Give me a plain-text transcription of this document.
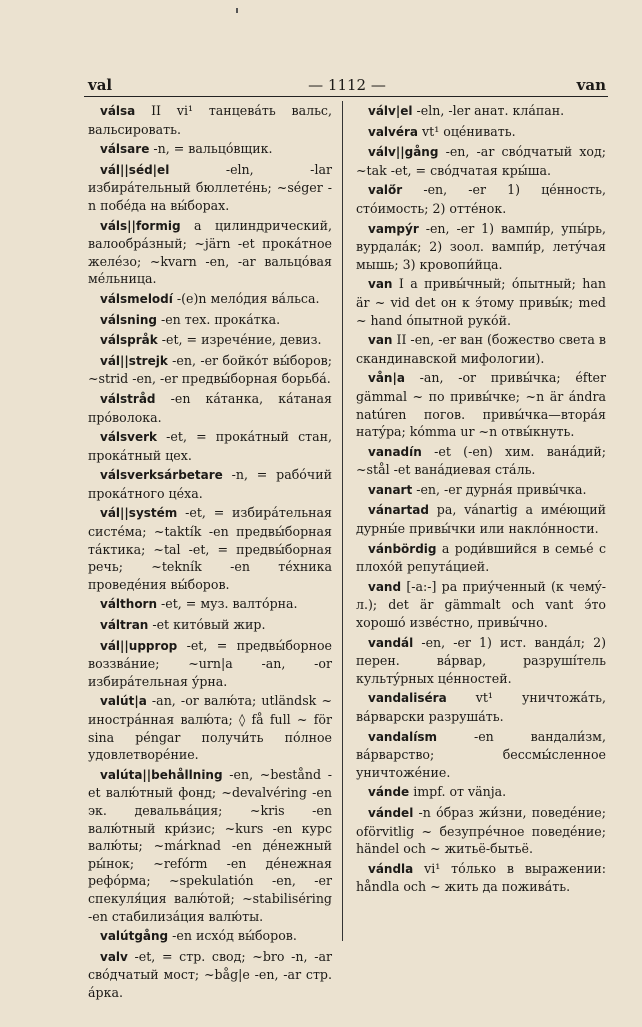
val	— 1112 —	van
válsa II vi¹ танцевáть вальс, вальсировать.
válsare -n, = вальцóвщик.
vál||séd|el -eln, -lar избирáтельный бюллетéнь; ~séger -n побéда на вы́борах.
váls||formig a цилиндрический, валообрáзный; ~järn -et прокáтное желéзо; ~kvarn -en, -ar вальцóвая мéльница.
válsmelodí -(e)n мелóдия вáльса.
válsning -en тех. прокáтка.
válspråk -et, = изречéние, девиз.
vál||strejk -en, -er бойкóт вы́боров; ~strid -en, -er предвы́борная борьбá.
válstråd -en кáтанка, кáтаная прóволока.
válsverk -et, = прокáтный стан, прокáтный цех.
válsverksárbetare -n, = рабóчий прокáтного цéха.
vál||systém -et, = избирáтельная систéма; ~taktík -en предвы́борная тáктика; ~tal -et, = предвы́борная речь; ~tekník -en тéхника проведéния вы́боров.
válthorn -et, = муз. валтóрна.
váltran -et китóвый жир.
vál||upprop -et, = предвы́борное воззвáние; ~urn|a -an, -or избирáтельная у́рна.
valút|a -an, -or валю́та; utländsk ~ инострáнная валю́та; ◊ få full ~ för sina péngar получи́ть пóлное удовлетворéние.
valúta||behållning -en, ~bestånd -et валю́тный фонд; ~devalvéring -en эк. девальвáция; ~kris -en валю́тный кри́зис; ~kurs -en курс валю́ты; ~márknad -en дéнежный ры́нок; ~refórm -en дéнежная рефóрма; ~spekulatión -en, -er спекуля́ция валю́той; ~stabiliséring -en стабилизáция валю́ты.
valútgång -en исхóд вы́боров.
valv -et, = стр. свод; ~bro -n, -ar свóдчатый мост; ~båg|e -en, -ar стр. áрка.
válv|el -eln, -ler анат. клáпан.
valvéra vt¹ оцéнивать.
válv||gång -en, -ar свóдчатый ход; ~tak -et, = свóдчатая кры́ша.
valö́r -en, -er 1) цéнность, стóимость; 2) оттéнок.
vampýr -en, -er 1) вампи́р, упы́рь, вурдалáк; 2) зоол. вампи́р, летýчая мышь; 3) кровопи́йца.
van I a привы́чный; óпытный; han är ~ vid det он к э́тому привы́к; med ~ hand óпытной рукóй.
van II -en, -er ван (божество света в скандинавской мифологии).
vån|a -an, -or привы́чка; éfter gämmal ~ по привы́чке; ~n är ándra natúren погов. привы́чка—вторáя натýра; kómma ur ~n отвы́кнуть.
vanadín -et (-en) хим. ванáдий; ~stål -et ванáдиевая стáль.
vanart -en, -er дурнáя привы́чка.
vánartad pa, vánartig a имéющий дурны́е привы́чки или наклóнности.
vánbördig a роди́вшийся в семьé с плохóй репутáцией.
vand [-a:-] pa приу́ченный (к чемý-л.); det är gämmalt och vant э́то хорошó извéстно, привы́чно.
vandál -en, -er 1) ист. вандáл; 2) перен. вáрвар, разрушíтель культýрных цéнностей.
vandaliséra vt¹ уничтожáть, вáрварски разрушáть.
vandalísm -en вандали́зм, вáрварство; бессмы́сленное уничтожéние.
vánde impf. от vänja.
vándel -n óбраз жи́зни, поведéние; oförvitlig ~ безупрéчное поведéние; händel och ~ житьё-бытьё.
vándla vi¹ тóлько в выражении: håndla och ~ жить да поживáть.
